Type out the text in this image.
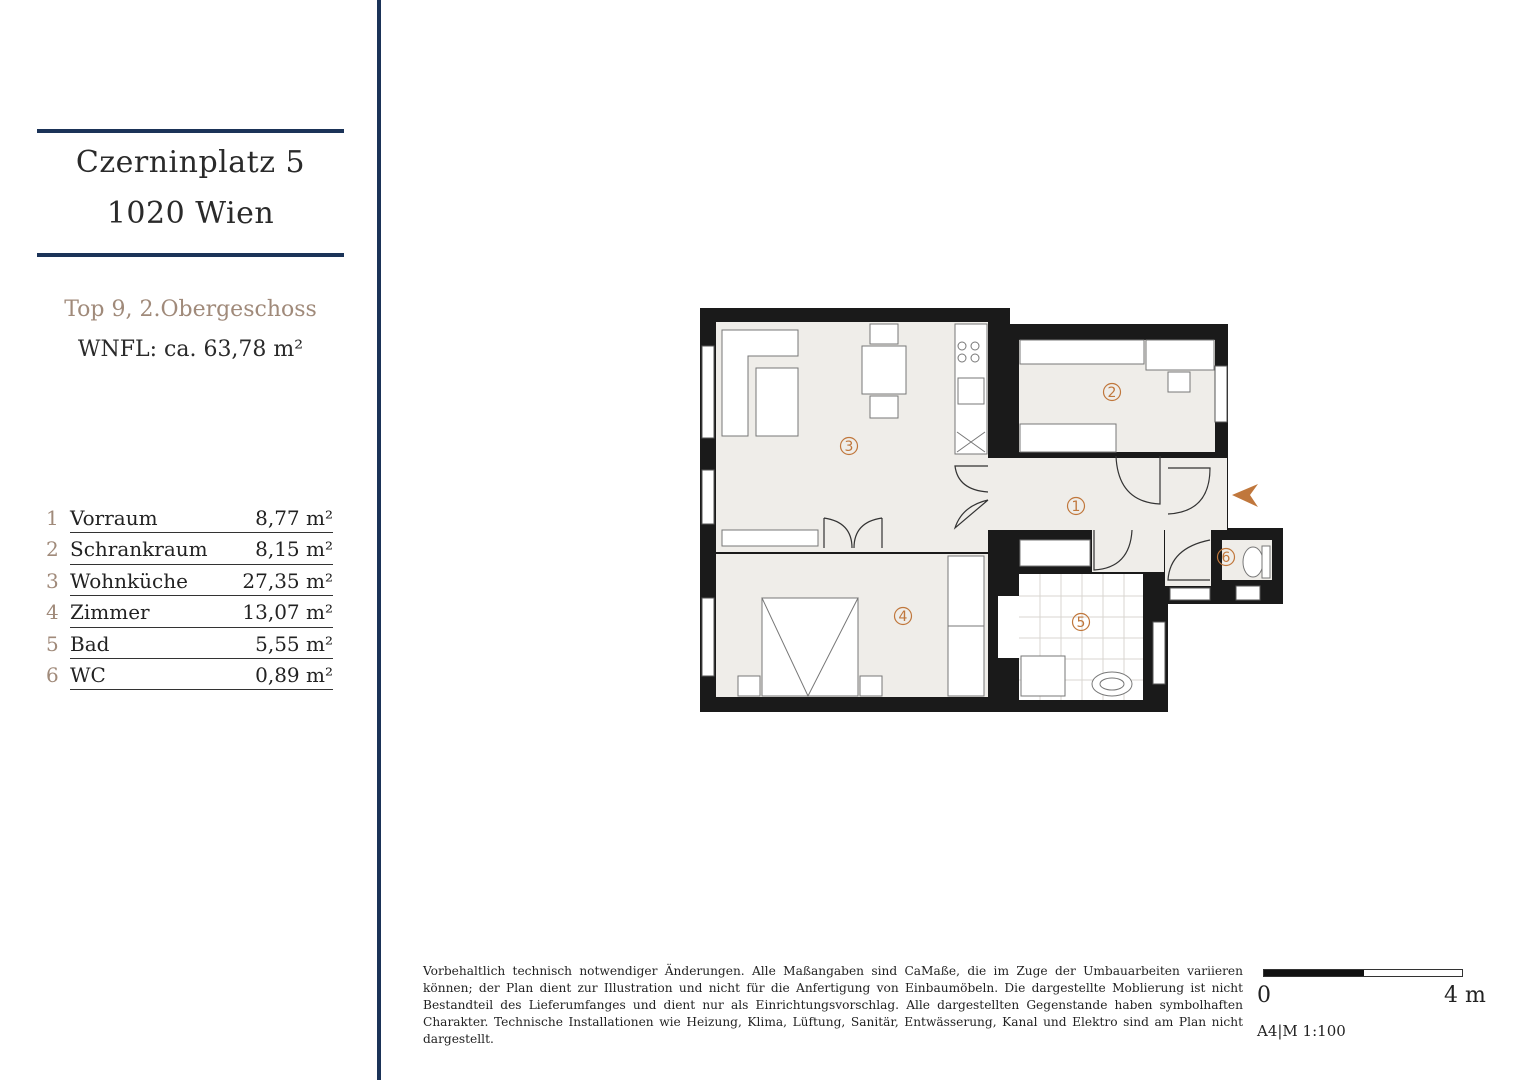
Czerninplatz 5
1020 Wien
Top 9, 2.Obergeschoss
WNFL: ca. 63,78 m²
1 Vorraum	8,77 m²
2 Schrankraum 8,15 m²
3 Wohnküche	27,35 m²
4 Zimmer	13,07 m²
5 Bad	5,55 m²
6 WC	0,89 m²
1
2
3
4	5
6
Vorbehaltlich technisch notwendiger Änderungen. Alle Maßangaben sind CaMaße, die im Zuge der Umbauarbeiten variieren können; der Plan dient zur Illustration und nicht für die Anfertigung von Einbaumöbeln. Die dargestellte Moblierung ist nicht Bestandteil des Lieferumfanges und dient nur als Einrichtungsvorschlag. Alle dargestellten Gegenstande haben symbolhaften Charakter. Technische Installationen wie Heizung, Klima, Lüftung, Sanitär, Entwässerung, Kanal und Elektro sind am Plan nicht dargestellt.
0	4 m
A4|M 1:100
